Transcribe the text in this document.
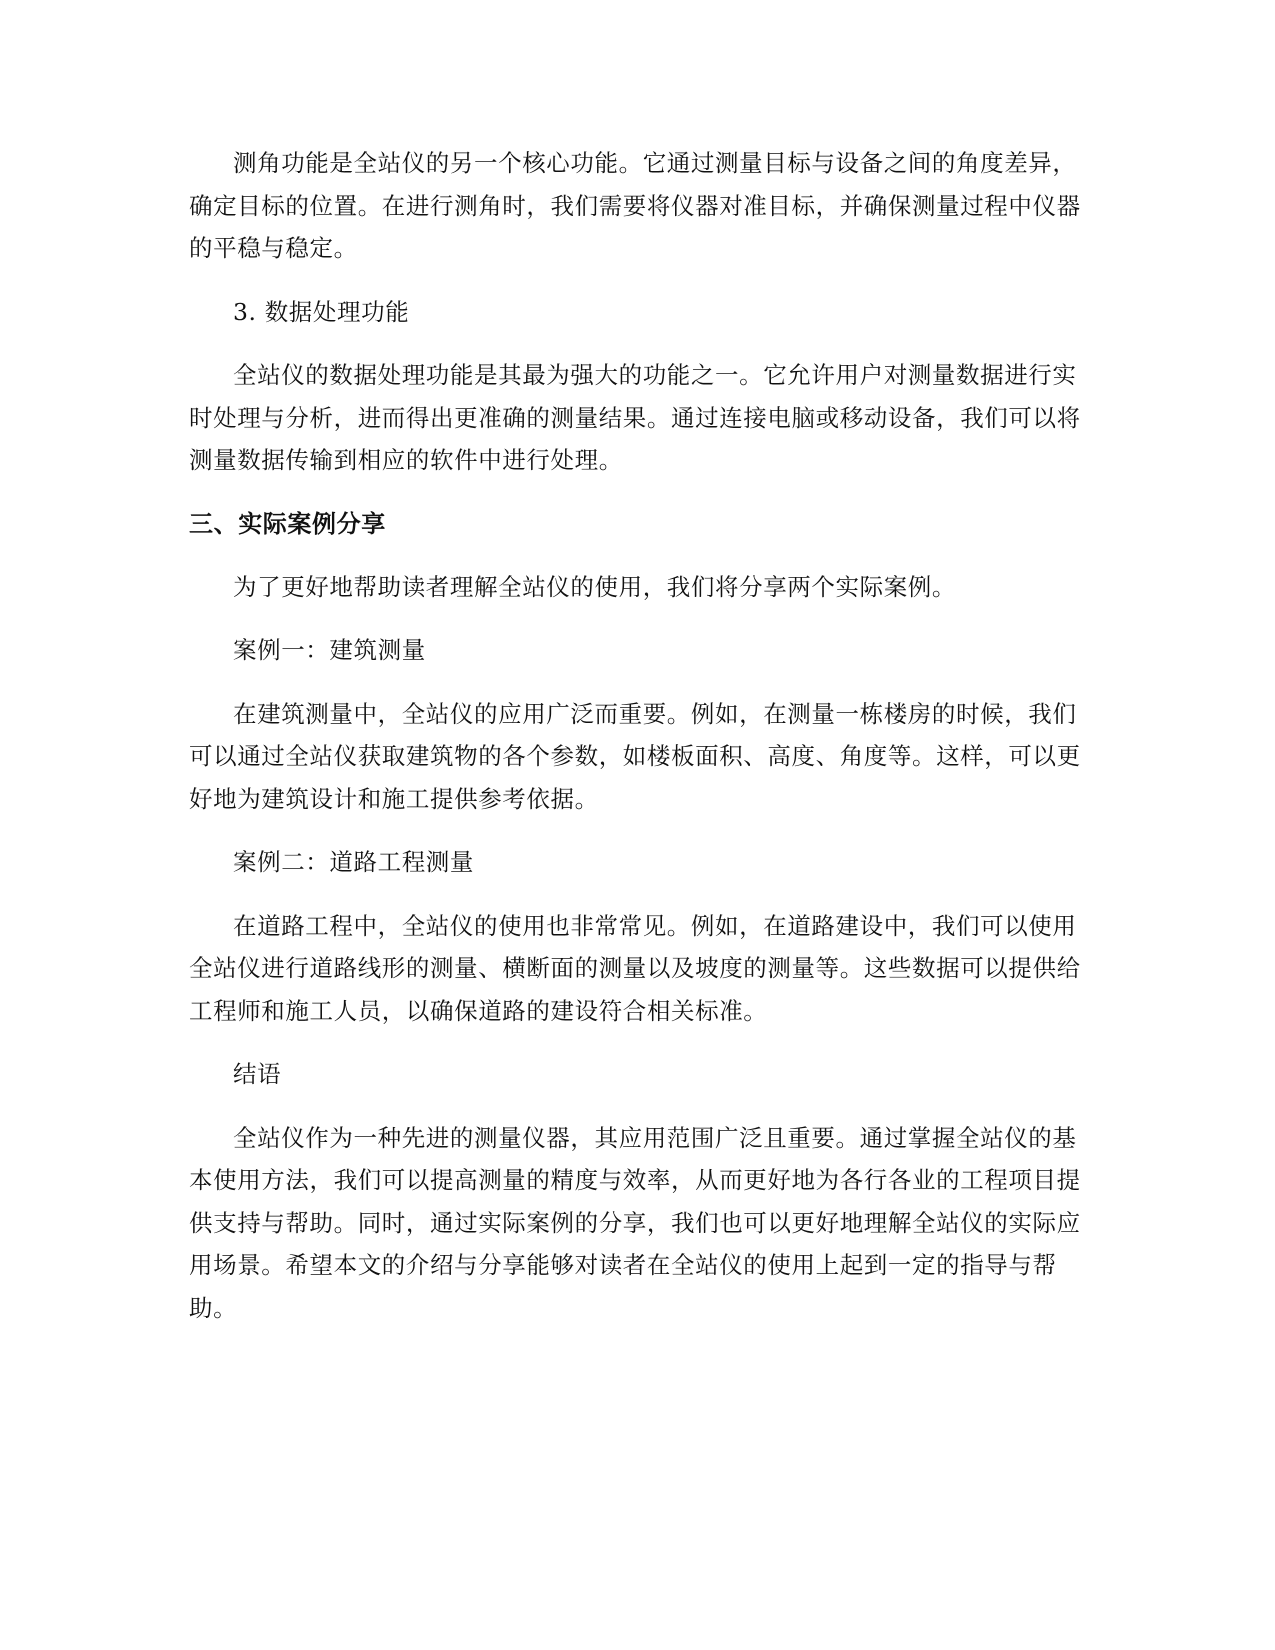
测角功能是全站仪的另一个核心功能。它通过测量目标与设备之间的角度差异，确定目标的位置。在进行测角时，我们需要将仪器对准目标，并确保测量过程中仪器的平稳与稳定。

3. 数据处理功能

全站仪的数据处理功能是其最为强大的功能之一。它允许用户对测量数据进行实时处理与分析，进而得出更准确的测量结果。通过连接电脑或移动设备，我们可以将测量数据传输到相应的软件中进行处理。

三、实际案例分享

为了更好地帮助读者理解全站仪的使用，我们将分享两个实际案例。

案例一：建筑测量

在建筑测量中，全站仪的应用广泛而重要。例如，在测量一栋楼房的时候，我们可以通过全站仪获取建筑物的各个参数，如楼板面积、高度、角度等。这样，可以更好地为建筑设计和施工提供参考依据。

案例二：道路工程测量

在道路工程中，全站仪的使用也非常常见。例如，在道路建设中，我们可以使用全站仪进行道路线形的测量、横断面的测量以及坡度的测量等。这些数据可以提供给工程师和施工人员，以确保道路的建设符合相关标准。

结语

全站仪作为一种先进的测量仪器，其应用范围广泛且重要。通过掌握全站仪的基本使用方法，我们可以提高测量的精度与效率，从而更好地为各行各业的工程项目提供支持与帮助。同时，通过实际案例的分享，我们也可以更好地理解全站仪的实际应用场景。希望本文的介绍与分享能够对读者在全站仪的使用上起到一定的指导与帮助。
